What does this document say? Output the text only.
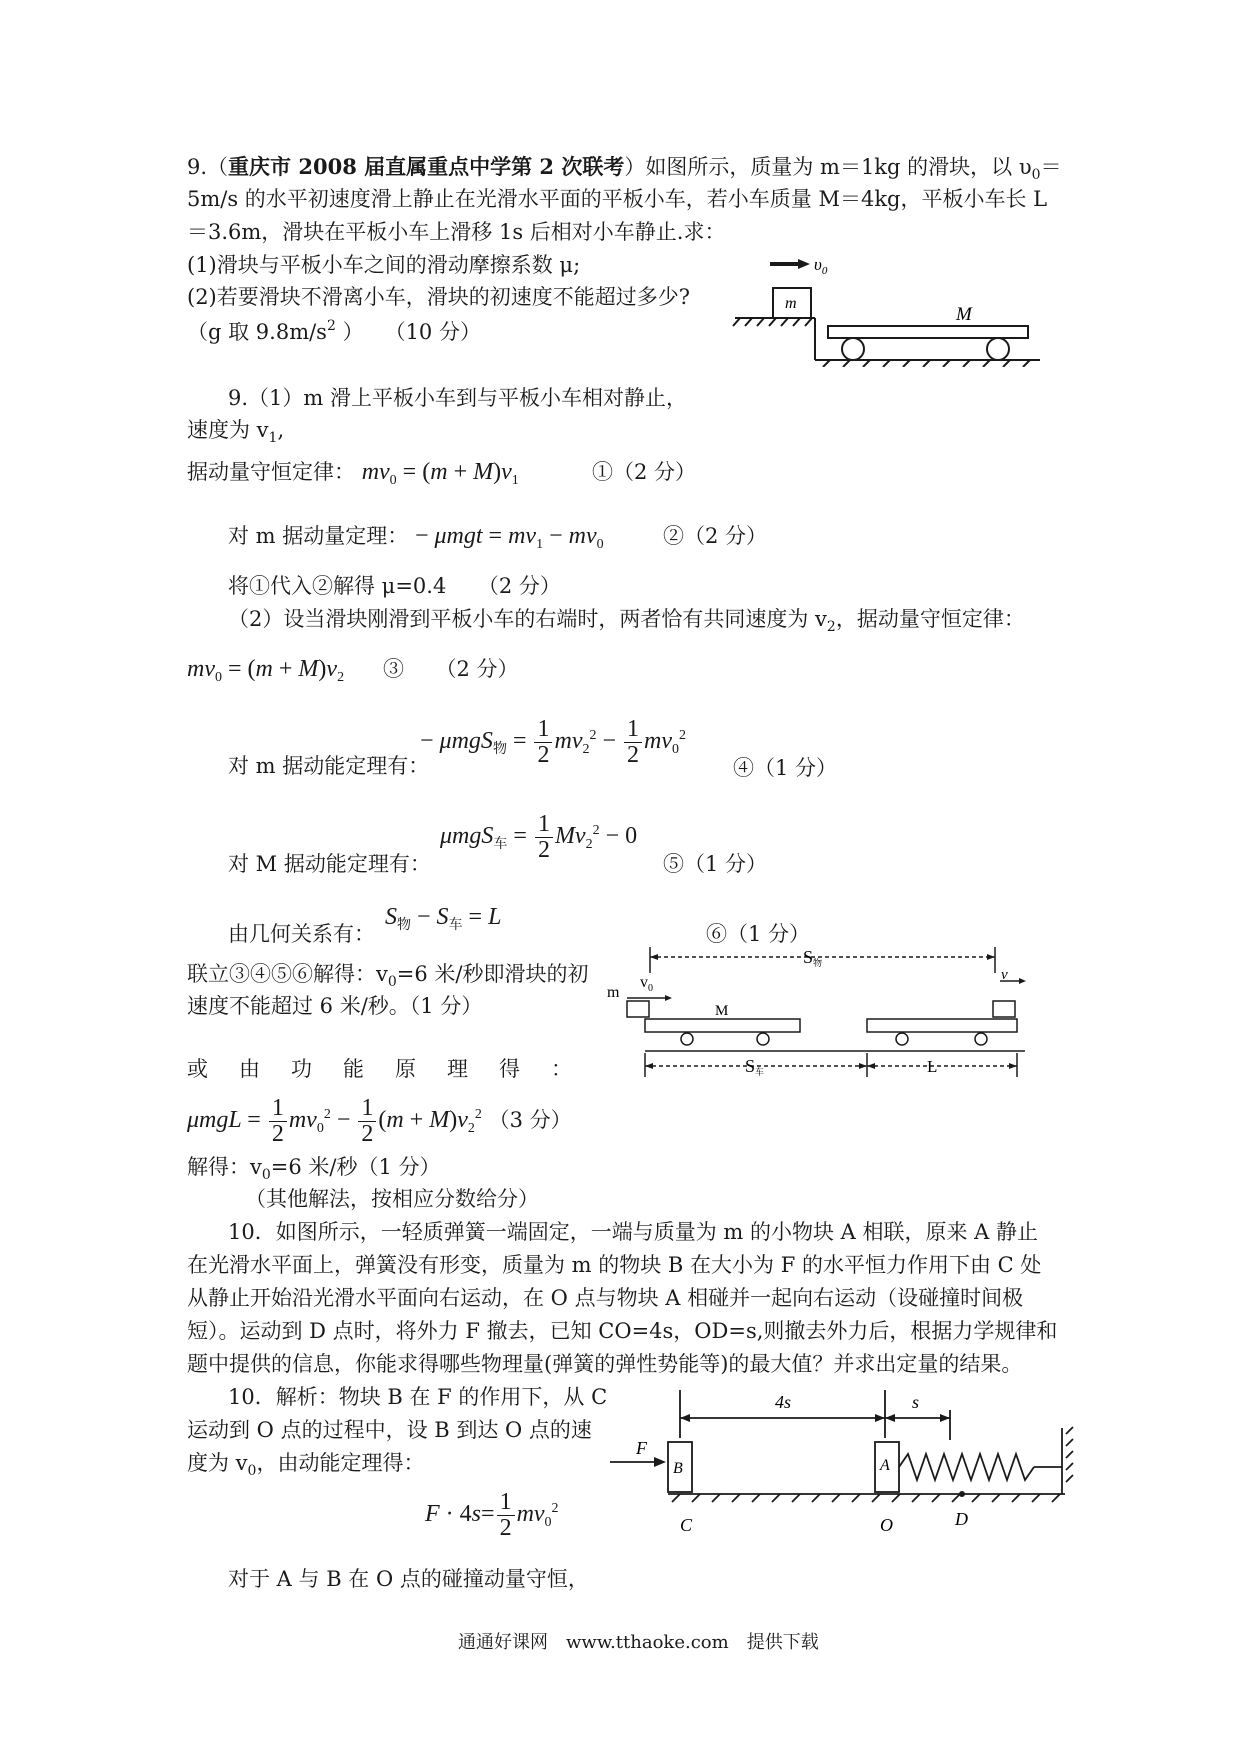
9.（重庆市 2008 届直属重点中学第 2 次联考）如图所示，质量为 m＝1kg 的滑块，以 $\upsilon_0=$
5m/s 的水平初速度滑上静止在光滑水平面的平板小车，若小车质量 M＝4kg，平板小车长 L
＝3.6m，滑块在平板小车上滑移 1s 后相对小车静止.求：
(1)滑块与平板小车之间的滑动摩擦系数 μ;
(2)若要滑块不滑离小车，滑块的初速度不能超过多少?
（g 取 $9.8m/s^2$ ）　　（10 分）
$\upsilon_0$
m
M
9.（1）m 滑上平板小车到与平板小车相对静止，
速度为 $v_1$,
据动量守恒定律： $mv_0 = (m + M)v_1$	①（2 分）
对 m 据动量定理： − $\mu mgt = mv_1 - mv_0$	②（2 分）
将①代入②解得 μ=0.4　　（2 分）
（2）设当滑块刚滑到平板小车的右端时，两者恰有共同速度为 $v_2$，据动量守恒定律：
$mv_0 = (m + M)v_2$ ③　　（2 分）
− $\mu mgS_物 = \frac{1}{2} mv_2^2 - \frac{1}{2} mv_0^2$
对 m 据动能定理有：	④（1 分）
$\mu mgS_车 = \frac{1}{2} Mv_2^2 - 0$
对 M 据动能定理有：	⑤（1 分）
$S_物 - S_车 = L$
由几何关系有：	⑥（1 分）
联立③④⑤⑥解得：$v_0=6$ 米/秒即滑块的初
速度不能超过 6 米/秒。（1 分）
或 由 功 能 原 理 得 ：
$\mu mgL = \frac{1}{2} mv_0^2 - \frac{1}{2} (m + M)v_2^2$ （3 分）
解得：$v_0=6$ 米/秒（1 分）
（其他解法，按相应分数给分）
m
$v_0$
M
S物
v
S车	L
10．如图所示，一轻质弹簧一端固定，一端与质量为 m 的小物块 A 相联，原来 A 静止
在光滑水平面上，弹簧没有形变，质量为 m 的物块 B 在大小为 F 的水平恒力作用下由 C 处
从静止开始沿光滑水平面向右运动，在 O 点与物块 A 相碰并一起向右运动（设碰撞时间极
短）。运动到 D 点时，将外力 F 撤去，已知 CO=4s，OD=s,则撤去外力后，根据力学规律和
题中提供的信息，你能求得哪些物理量(弹簧的弹性势能等)的最大值？并求出定量的结果。
10．解析：物块 B 在 F 的作用下，从 C
运动到 O 点的过程中，设 B 到达 O 点的速
度为 $v_0$，由动能定理得：
$F \cdot 4s= \frac{1}{2} mv_0^2$
对于 A 与 B 在 O 点的碰撞动量守恒，
4s	s
F
B	A
C	O	D
通通好课网　www.tthaoke.com　提供下载
